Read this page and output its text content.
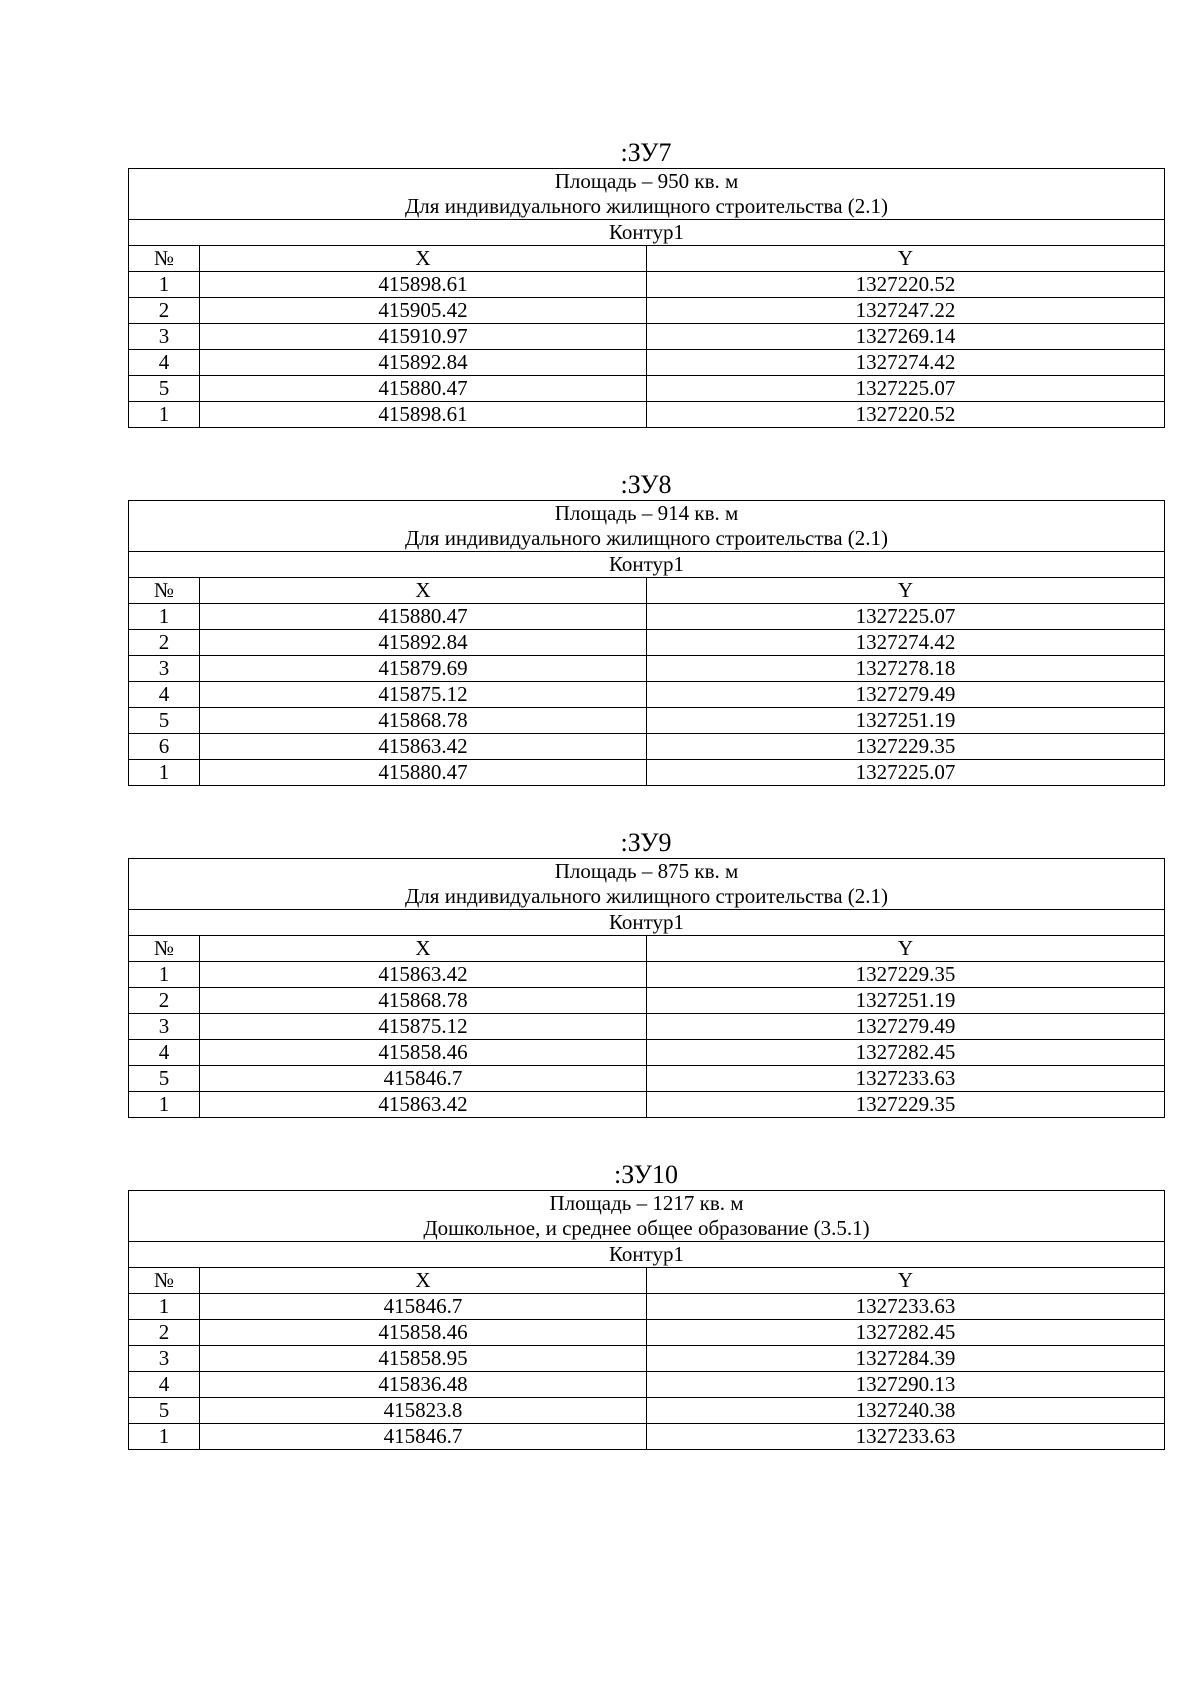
:ЗУ7
Площадь – 950 кв. м
Для индивидуального жилищного строительства (2.1)		

Контур1		
№	X	Y
1	415898.61	1327220.52
2	415905.42	1327247.22
3	415910.97	1327269.14
4	415892.84	1327274.42
5	415880.47	1327225.07
1	415898.61	1327220.52
:ЗУ8
Площадь – 914 кв. м
Для индивидуального жилищного строительства (2.1)		

Контур1		
№	X	Y
1	415880.47	1327225.07
2	415892.84	1327274.42
3	415879.69	1327278.18
4	415875.12	1327279.49
5	415868.78	1327251.19
6	415863.42	1327229.35
1	415880.47	1327225.07
:ЗУ9
Площадь – 875 кв. м
Для индивидуального жилищного строительства (2.1)		

Контур1		
№	X	Y
1	415863.42	1327229.35
2	415868.78	1327251.19
3	415875.12	1327279.49
4	415858.46	1327282.45
5	415846.7	1327233.63
1	415863.42	1327229.35
:ЗУ10
Площадь – 1217 кв. м
Дошкольное, и среднее общее образование (3.5.1)		

Контур1		
№	X	Y
1	415846.7	1327233.63
2	415858.46	1327282.45
3	415858.95	1327284.39
4	415836.48	1327290.13
5	415823.8	1327240.38
1	415846.7	1327233.63
